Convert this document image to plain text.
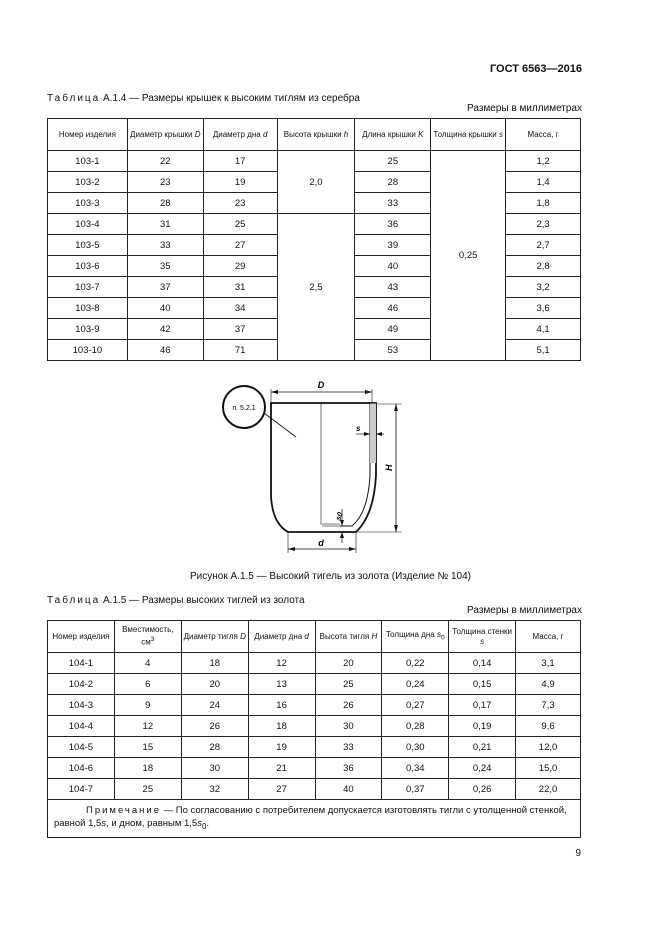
ГОСТ 6563—2016
Таблица А.1.4 — Размеры крышек к высоким тиглям из серебра
Размеры в миллиметрах
Номер изделия	Диаметр крышки D	Диаметр дна d	Высота крышки h	Длина крышки K	Толщина крышки s	Масса, г
103-1	22	17	2,0	25	0,25	1,2
103-2	23	19		28		1,4
103-3	28	23		33		1,8
103-4	31	25	2,5	36		2,3
103-5	33	27		39		2,7
103-6	35	29		40		2,8
103-7	37	31		43		3,2
103-8	40	34		46		3,6
103-9	42	37		49		4,1
103-10	46	71		53		5,1
п. 5.2.1
D
H
s
s0
d
Рисунок А.1.5 — Высокий тигель из золота (Изделие № 104)
Таблица А.1.5 — Размеры высоких тиглей из золота
Размеры в миллиметрах
Номер изделия	Вместимость, $см^3$	Диаметр тигля D	Диаметр дна d	Высота тигля H	Толщина дна $s_0$	Толщина стенки s	Масса, г
104-1	4	18	12	20	0,22	0,14	3,1
104-2	6	20	13	25	0,24	0,15	4,9
104-3	9	24	16	26	0,27	0,17	7,3
104-4	12	26	18	30	0,28	0,19	9,6
104-5	15	28	19	33	0,30	0,21	12,0
104-6	18	30	21	36	0,34	0,24	15,0
104-7	25	32	27	40	0,37	0,26	22,0
Примечание — По согласованию с потребителем допускается изготовлять тигли с утолщенной стенкой, равной 1,5s, и дном, равным $1,5s_0$.							
9
